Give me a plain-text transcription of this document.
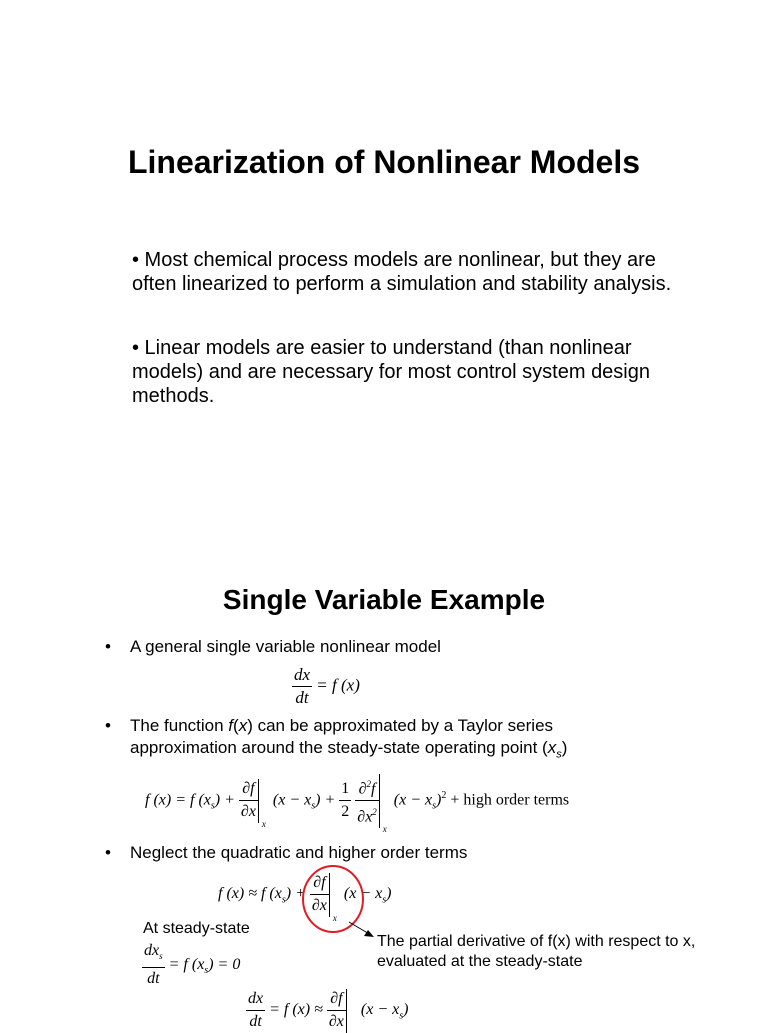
Linearization of Nonlinear Models
• Most chemical process models are nonlinear, but they are often linearized to perform a simulation and stability analysis.
• Linear models are easier to understand (than nonlinear models) and are necessary for most control system design methods.
Single Variable Example
• A general single variable nonlinear model
$\frac{dx}{dt} = f$ (x)
• The function f(x) can be approximated by a Taylor series
approximation around the steady-state operating point $(x_s)$
f (x) = f $(x_s) + \frac{\partial f}{\partial x}$
x
$(x - x_s) + \frac{1}{2}$
$\frac{\partial^2f}{\partial x^2}$
x
$(x - x_s)^2$ + high order terms
• Neglect the quadratic and higher order terms
f (x) ≈ f $(x_s) + \frac{\partial f}{\partial x}$
x
$(x - x_s)$
At steady-state
The partial derivative of f(x) with respect to x,
evaluated at the steady-state
$\frac{dx_s}{dt} = f$ $(x_s) = 0$
$\frac{dx}{dt} = f$ $(x) \approx \frac{\partial f}{\partial x} (x - x_s)$
